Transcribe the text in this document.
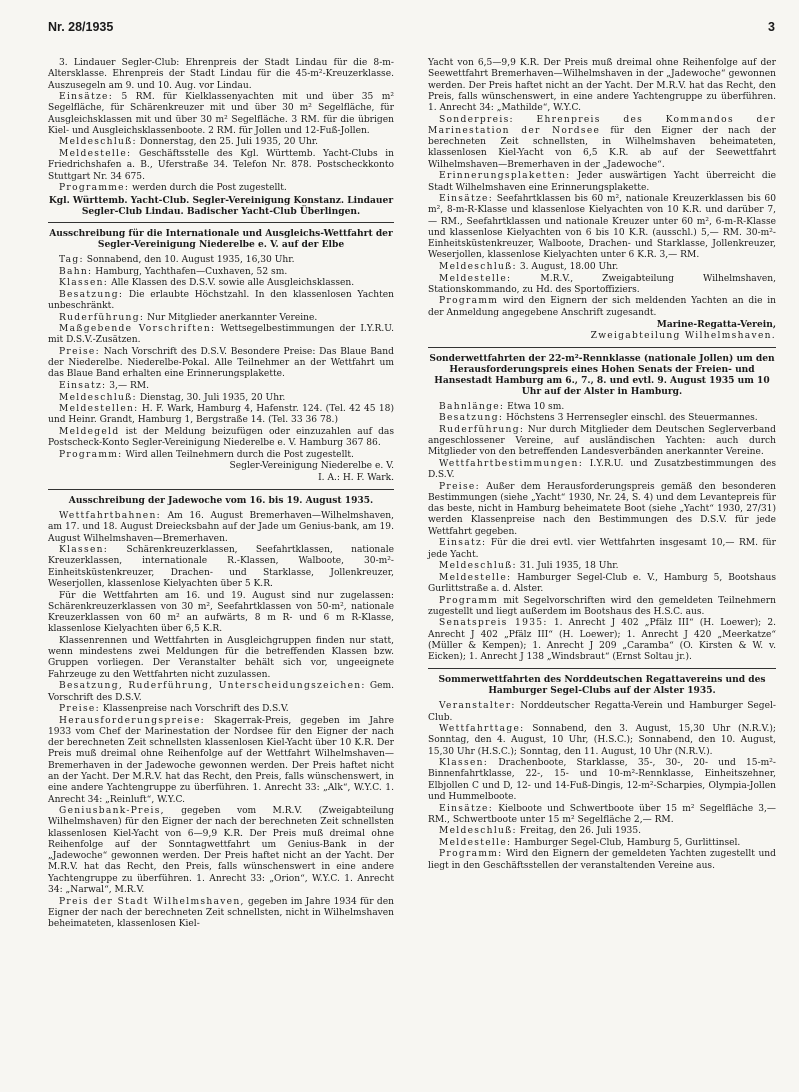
Nr. 28/1935	3

3. Lindauer Segler-Club: Ehrenpreis der Stadt Lindau für die 8-m-Altersklasse. Ehrenpreis der Stadt Lindau für die 45-m²-Kreuzerklasse. Auszusegeln am 9. und 10. Aug. vor Lindau.

Einsätze: 5 RM. für Kielklassenyachten mit und über 35 m² Segelfläche, für Schärenkreuzer mit und über 30 m² Segelfläche, für Ausgleichsklassen mit und über 30 m² Segelfläche. 3 RM. für die übrigen Kiel- und Ausgleichsklassenboote. 2 RM. für Jollen und 12-Fuß-Jollen.

Meldeschluß: Donnerstag, den 25. Juli 1935, 20 Uhr.

Meldestelle: Geschäftsstelle des Kgl. Württemb. Yacht-Clubs in Friedrichshafen a. B., Uferstraße 34. Telefon Nr. 878. Postscheckkonto Stuttgart Nr. 34 675.

Programme: werden durch die Post zugestellt.

Kgl. Württemb. Yacht-Club. Segler-Vereinigung Konstanz. Lindauer Segler-Club Lindau. Badischer Yacht-Club Überlingen.

Ausschreibung für die Internationale und Ausgleichs-Wettfahrt der Segler-Vereinigung Niederelbe e. V. auf der Elbe

Tag: Sonnabend, den 10. August 1935, 16,30 Uhr.

Bahn: Hamburg, Yachthafen—Cuxhaven, 52 sm.

Klassen: Alle Klassen des D.S.V. sowie alle Ausgleichsklassen.

Besatzung: Die erlaubte Höchstzahl. In den klassenlosen Yachten unbeschränkt.

Ruderführung: Nur Mitglieder anerkannter Vereine.

Maßgebende Vorschriften: Wettsegelbestimmungen der I.Y.R.U. mit D.S.V.-Zusätzen.

Preise: Nach Vorschrift des D.S.V. Besondere Preise: Das Blaue Band der Niederelbe. Niederelbe-Pokal. Alle Teilnehmer an der Wettfahrt um das Blaue Band erhalten eine Erinnerungsplakette.

Einsatz: 3,— RM.

Meldeschluß: Dienstag, 30. Juli 1935, 20 Uhr.

Meldestellen: H. F. Wark, Hamburg 4, Hafenstr. 124. (Tel. 42 45 18) und Heinr. Grandt, Hamburg 1, Bergstraße 14. (Tel. 33 36 78.)

Meldegeld ist der Meldung beizufügen oder einzuzahlen auf das Postscheck-Konto Segler-Vereinigung Niederelbe e. V. Hamburg 367 86.

Programm: Wird allen Teilnehmern durch die Post zugestellt.

Segler-Vereinigung Niederelbe e. V.

I. A.: H. F. Wark.

Ausschreibung der Jadewoche vom 16. bis 19. August 1935.

Wettfahrtbahnen: Am 16. August Bremerhaven—Wilhelmshaven, am 17. und 18. August Dreiecksbahn auf der Jade um Genius-bank, am 19. August Wilhelmshaven—Bremerhaven.

Klassen: Schärenkreuzerklassen, Seefahrtklassen, nationale Kreuzerklassen, internationale R.-Klassen, Walboote, 30-m²-Einheitsküstenkreuzer, Drachen- und Starklasse, Jollenkreuzer, Weserjollen, klassenlose Kielyachten über 5 K.R.

Für die Wettfahrten am 16. und 19. August sind nur zugelassen: Schärenkreuzerklassen von 30 m², Seefahrtklassen von 50-m², nationale Kreuzerklassen von 60 m² an aufwärts, 8 m R- und 6 m R-Klasse, klassenlose Kielyachten über 6,5 K.R.

Klassenrennen und Wettfahrten in Ausgleichgruppen finden nur statt, wenn mindestens zwei Meldungen für die betreffenden Klassen bzw. Gruppen vorliegen. Der Veranstalter behält sich vor, ungeeignete Fahrzeuge zu den Wettfahrten nicht zuzulassen.

Besatzung, Ruderführung, Unterscheidungszeichen: Gem. Vorschrift des D.S.V.

Preise: Klassenpreise nach Vorschrift des D.S.V.

Herausforderungspreise: Skagerrak-Preis, gegeben im Jahre 1933 vom Chef der Marinestation der Nordsee für den Eigner der nach der berechneten Zeit schnellsten klassenlosen Kiel-Yacht über 10 K.R. Der Preis muß dreimal ohne Reihenfolge auf der Wettfahrt Wilhelmshaven—Bremerhaven in der Jadewoche gewonnen werden. Der Preis haftet nicht an der Yacht. Der M.R.V. hat das Recht, den Preis, falls wünschenswert, in eine andere Yachtengruppe zu überführen. 1. Anrecht 33: „Alk“, W.Y.C. 1. Anrecht 34: „Reinluft“, W.Y.C.

Geniusbank-Preis, gegeben vom M.R.V. (Zweigabteilung Wilhelmshaven) für den Eigner der nach der berechneten Zeit schnellsten klassenlosen Kiel-Yacht von 6—9,9 K.R. Der Preis muß dreimal ohne Reihenfolge auf der Sonntagwettfahrt um Genius-Bank in der „Jadewoche“ gewonnen werden. Der Preis haftet nicht an der Yacht. Der M.R.V. hat das Recht, den Preis, falls wünschenswert in eine andere Yachtengruppe zu überführen. 1. Anrecht 33: „Orion“, W.Y.C. 1. Anrecht 34: „Narwal“, M.R.V.

Preis der Stadt Wilhelmshaven, gegeben im Jahre 1934 für den Eigner der nach der berechneten Zeit schnellsten, nicht in Wilhelmshaven beheimateten, klassenlosen Kiel-

Yacht von 6,5—9,9 K.R. Der Preis muß dreimal ohne Reihenfolge auf der Seewettfahrt Bremerhaven—Wilhelmshaven in der „Jadewoche“ gewonnen werden. Der Preis haftet nicht an der Yacht. Der M.R.V. hat das Recht, den Preis, falls wünschenswert, in eine andere Yachtengruppe zu überführen. 1. Anrecht 34: „Mathilde“, W.Y.C.

Sonderpreis: Ehrenpreis des Kommandos der Marinestation der Nordsee für den Eigner der nach der berechneten Zeit schnellsten, in Wilhelmshaven beheimateten, klassenlosen Kiel-Yacht von 6,5 K.R. ab auf der Seewettfahrt Wilhelmshaven—Bremerhaven in der „Jadewoche“.

Erinnerungsplaketten: Jeder auswärtigen Yacht überreicht die Stadt Wilhelmshaven eine Erinnerungsplakette.

Einsätze: Seefahrtklassen bis 60 m², nationale Kreuzerklassen bis 60 m², 8-m-R-Klasse und klassenlose Kielyachten von 10 K.R. und darüber 7,— RM., Seefahrtklassen und nationale Kreuzer unter 60 m², 6-m-R-Klasse und klassenlose Kielyachten von 6 bis 10 K.R. (ausschl.) 5,— RM. 30-m²-Einheitsküstenkreuzer, Walboote, Drachen- und Starklasse, Jollenkreuzer, Weserjollen, klassenlose Kielyachten unter 6 K.R. 3,— RM.

Meldeschluß: 3. August, 18.00 Uhr.

Meldestelle: M.R.V., Zweigabteilung Wilhelmshaven, Stationskommando, zu Hd. des Sportoffiziers.

Programm wird den Eignern der sich meldenden Yachten an die in der Anmeldung angegebene Anschrift zugesandt.

Marine-Regatta-Verein,

Zweigabteilung Wilhelmshaven.

Sonderwettfahrten der 22-m²-Rennklasse (nationale Jollen) um den Herausforderungspreis eines Hohen Senats der Freien- und Hansestadt Hamburg am 6., 7., 8. und evtl. 9. August 1935 um 10 Uhr auf der Alster in Hamburg.

Bahnlänge: Etwa 10 sm.

Besatzung: Höchstens 3 Herrensegler einschl. des Steuermannes.

Ruderführung: Nur durch Mitglieder dem Deutschen Seglerverband angeschlossener Vereine, auf ausländischen Yachten: auch durch Mitglieder von den betreffenden Landesverbänden anerkannter Vereine.

Wettfahrtbestimmungen: I.Y.R.U. und Zusatzbestimmungen des D.S.V.

Preise: Außer dem Herausforderungspreis gemäß den besonderen Bestimmungen (siehe „Yacht“ 1930, Nr. 24, S. 4) und dem Levantepreis für das beste, nicht in Hamburg beheimatete Boot (siehe „Yacht“ 1930, 27/31) werden Klassenpreise nach den Bestimmungen des D.S.V. für jede Wettfahrt gegeben.

Einsatz: Für die drei evtl. vier Wettfahrten insgesamt 10,— RM. für jede Yacht.

Meldeschluß: 31. Juli 1935, 18 Uhr.

Meldestelle: Hamburger Segel-Club e. V., Hamburg 5, Bootshaus Gurlittstraße a. d. Alster.

Programm mit Segelvorschriften wird den gemeldeten Teilnehmern zugestellt und liegt außerdem im Bootshaus des H.S.C. aus.

Senatspreis 1935: 1. Anrecht J 402 „Pfälz III“ (H. Loewer); 2. Anrecht J 402 „Pfälz III“ (H. Loewer); 1. Anrecht J 420 „Meerkatze“ (Müller & Kempen); 1. Anrecht J 209 „Caramba“ (O. Kirsten & W. v. Eicken); 1. Anrecht J 138 „Windsbraut“ (Ernst Soltau jr.).

Sommerwettfahrten des Norddeutschen Regattavereins und des Hamburger Segel-Clubs auf der Alster 1935.

Veranstalter: Norddeutscher Regatta-Verein und Hamburger Segel-Club.

Wettfahrttage: Sonnabend, den 3. August, 15,30 Uhr (N.R.V.); Sonntag, den 4. August, 10 Uhr, (H.S.C.); Sonnabend, den 10. August, 15,30 Uhr (H.S.C.); Sonntag, den 11. August, 10 Uhr (N.R.V.).

Klassen: Drachenboote, Starklasse, 35-, 30-, 20- und 15-m²-Binnenfahrtklasse, 22-, 15- und 10-m²-Rennklasse, Einheitszehner, Elbjollen C und D, 12- und 14-Fuß-Dingis, 12-m²-Scharpies, Olympia-Jollen und Hummelboote.

Einsätze: Kielboote und Schwertboote über 15 m² Segelfläche 3,— RM., Schwertboote unter 15 m² Segelfläche 2,— RM.

Meldeschluß: Freitag, den 26. Juli 1935.

Meldestelle: Hamburger Segel-Club, Hamburg 5, Gurlittinsel.

Programm: Wird den Eignern der gemeldeten Yachten zugestellt und liegt in den Geschäftsstellen der veranstaltenden Vereine aus.
